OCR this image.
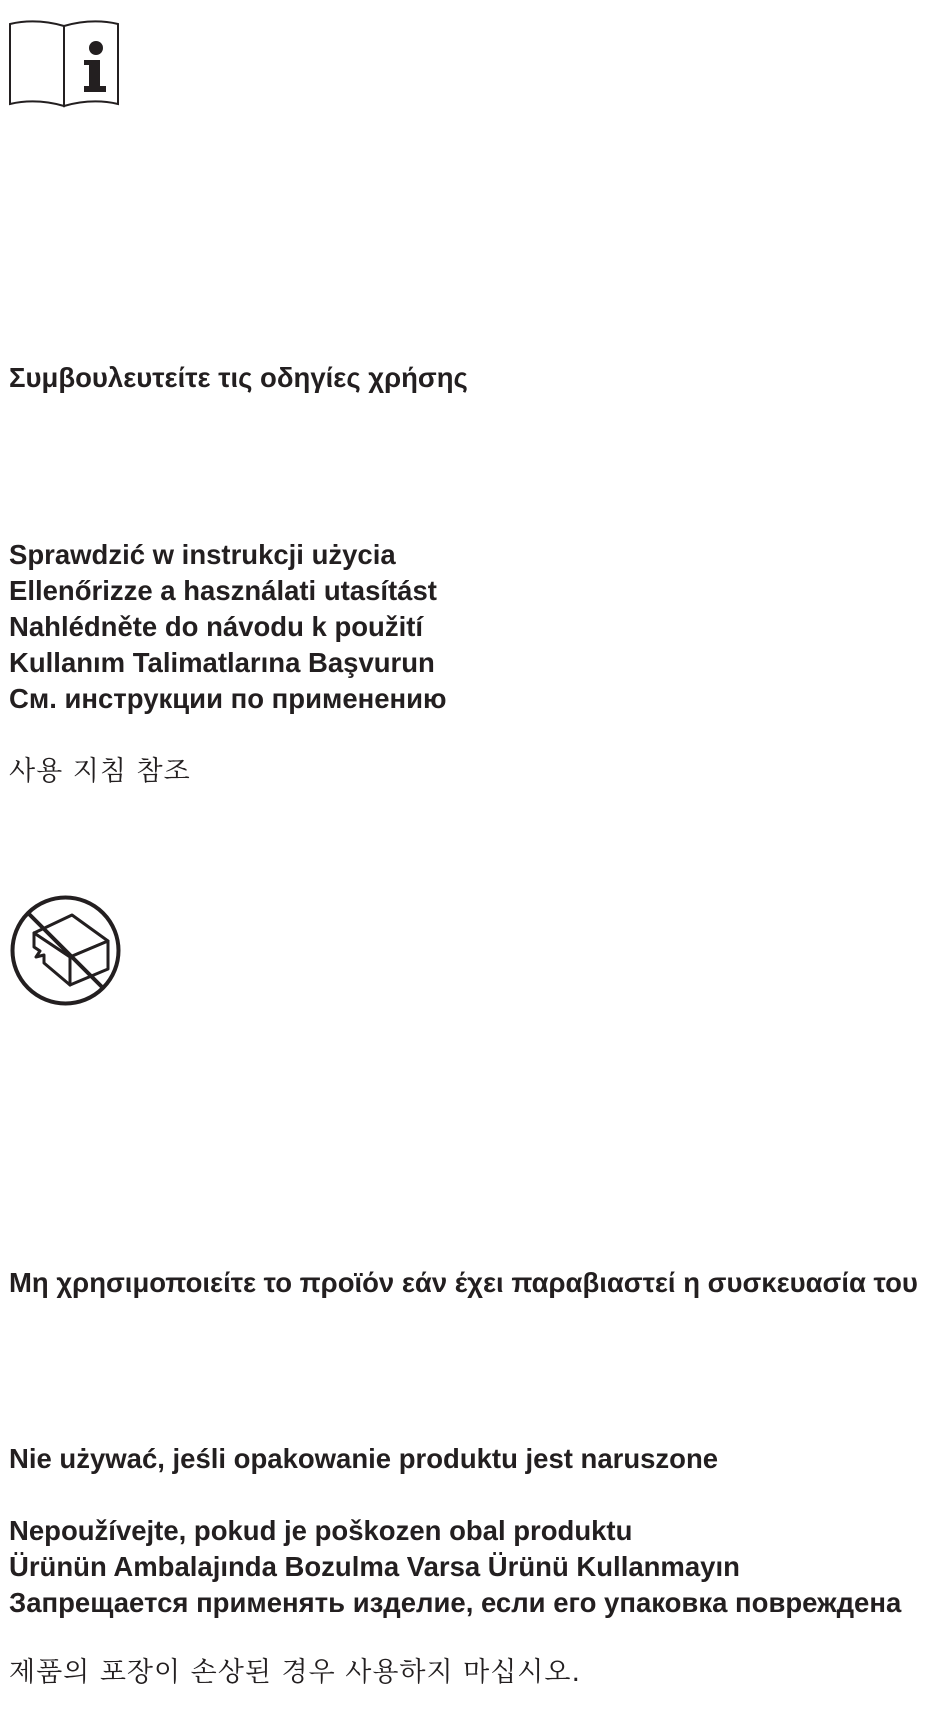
Συμβουλευτείτε τις οδηγίες χρήσης

Sprawdzić w instrukcji użycia

Ellenőrizze a használati utasítást

Nahlédněte do návodu k použití

Kullanım Talimatlarına Başvurun

См. инструкции по применению

사용 지침 참조

Μη χρησιμοποιείτε το προϊόν εάν έχει παραβιαστεί η συσκευασία του

Nie używać, jeśli opakowanie produktu jest naruszone

Nepoužívejte, pokud je poškozen obal produktu

Ürünün Ambalajında Bozulma Varsa Ürünü Kullanmayın

Запрещается применять изделие, если его упаковка повреждена

제품의 포장이 손상된 경우 사용하지 마십시오.
